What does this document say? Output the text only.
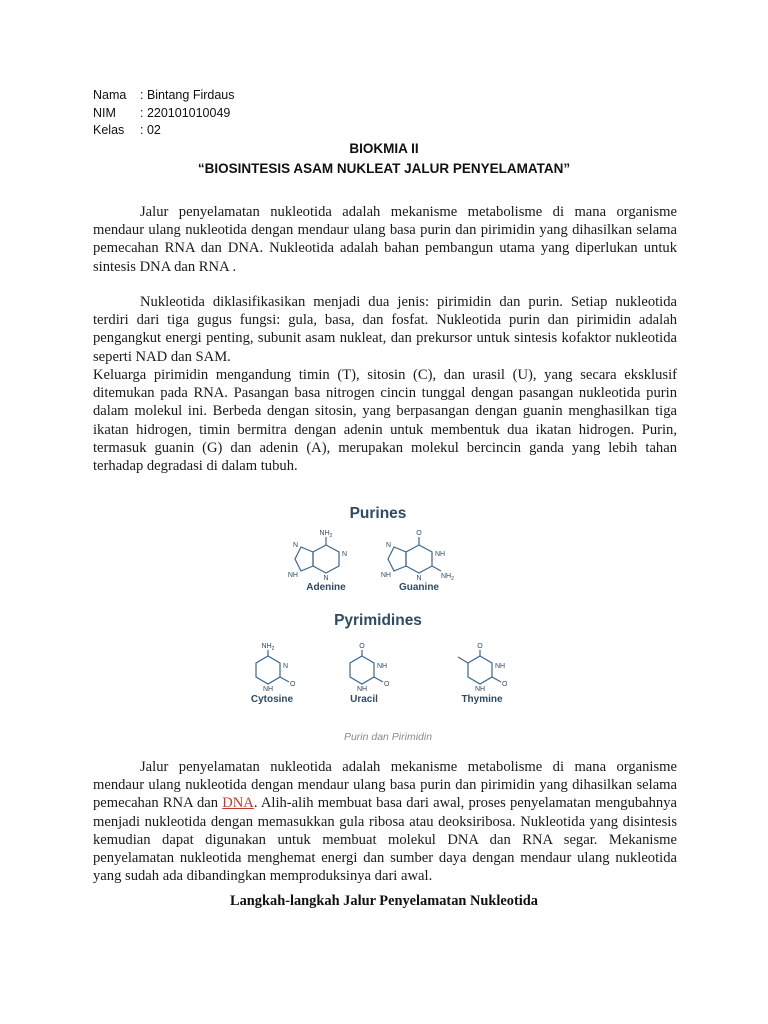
Nama : Bintang Firdaus
NIM : 220101010049
Kelas : 02
BIOKMIA II
“BIOSINTESIS ASAM NUKLEAT JALUR PENYELAMATAN”

Jalur penyelamatan nukleotida adalah mekanisme metabolisme di mana organisme mendaur ulang nukleotida dengan mendaur ulang basa purin dan pirimidin yang dihasilkan selama pemecahan RNA dan DNA. Nukleotida adalah bahan pembangun utama yang diperlukan untuk sintesis DNA dan RNA .

Nukleotida diklasifikasikan menjadi dua jenis: pirimidin dan purin. Setiap nukleotida terdiri dari tiga gugus fungsi: gula, basa, dan fosfat. Nukleotida purin dan pirimidin adalah pengangkut energi penting, subunit asam nukleat, dan prekursor untuk sintesis kofaktor nukleotida seperti NAD dan SAM.

Keluarga pirimidin mengandung timin (T), sitosin (C), dan urasil (U), yang secara eksklusif ditemukan pada RNA. Pasangan basa nitrogen cincin tunggal dengan pasangan nukleotida purin dalam molekul ini. Berbeda dengan sitosin, yang berpasangan dengan guanin menghasilkan tiga ikatan hidrogen, timin bermitra dengan adenin untuk membentuk dua ikatan hidrogen. Purin, termasuk guanin (G) dan adenin (A), merupakan molekul bercincin ganda yang lebih tahan terhadap degradasi di dalam tubuh.

Purines
Pyrimidines
$NH_2$
N
N
N
NH
Adenine
O
NH
$NH_2$
N
N
NH
Guanine
$NH_2$
N
NH
O
Cytosine
O
NH
NH
O
Uracil
O
NH
NH
O
Thymine
Purin dan Pirimidin

Jalur penyelamatan nukleotida adalah mekanisme metabolisme di mana organisme mendaur ulang nukleotida dengan mendaur ulang basa purin dan pirimidin yang dihasilkan selama pemecahan RNA dan DNA. Alih-alih membuat basa dari awal, proses penyelamatan mengubahnya menjadi nukleotida dengan memasukkan gula ribosa atau deoksiribosa. Nukleotida yang disintesis kemudian dapat digunakan untuk membuat molekul DNA dan RNA segar. Mekanisme penyelamatan nukleotida menghemat energi dan sumber daya dengan mendaur ulang nukleotida yang sudah ada dibandingkan memproduksinya dari awal.

Langkah-langkah Jalur Penyelamatan Nukleotida
